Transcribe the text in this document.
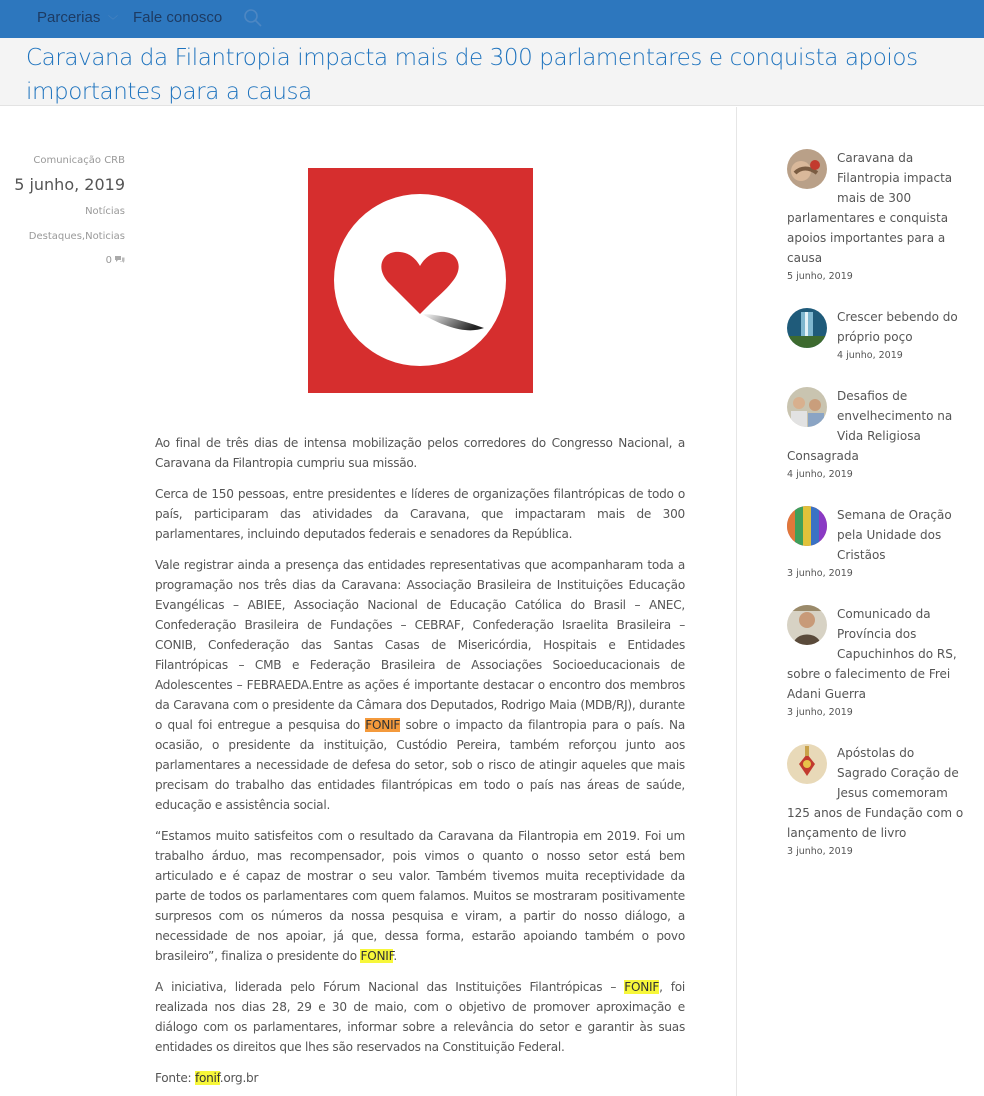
Parcerias ﹀ Fale conosco
Caravana da Filantropia impacta mais de 300 parlamentares e conquista apoios importantes para a causa
Comunicação CRB
5 junho, 2019
Notícias
Destaques,Noticias
0

Ao final de três dias de intensa mobilização pelos corredores do Congresso Nacional, a Caravana da Filantropia cumpriu sua missão.

Cerca de 150 pessoas, entre presidentes e líderes de organizações filantrópicas de todo o país, participaram das atividades da Caravana, que impactaram mais de 300 parlamentares, incluindo deputados federais e senadores da República.

Vale registrar ainda a presença das entidades representativas que acompanharam toda a programação nos três dias da Caravana: Associação Brasileira de Instituições Educação Evangélicas – ABIEE, Associação Nacional de Educação Católica do Brasil – ANEC, Confederação Brasileira de Fundações – CEBRAF, Confederação Israelita Brasileira – CONIB, Confederação das Santas Casas de Misericórdia, Hospitais e Entidades Filantrópicas – CMB e Federação Brasileira de Associações Socioeducacionais de Adolescentes – FEBRAEDA.Entre as ações é importante destacar o encontro dos membros da Caravana com o presidente da Câmara dos Deputados, Rodrigo Maia (MDB/RJ), durante o qual foi entregue a pesquisa do FONIF sobre o impacto da filantropia para o país. Na ocasião, o presidente da instituição, Custódio Pereira, também reforçou junto aos parlamentares a necessidade de defesa do setor, sob o risco de atingir aqueles que mais precisam do trabalho das entidades filantrópicas em todo o país nas áreas de saúde, educação e assistência social.

“Estamos muito satisfeitos com o resultado da Caravana da Filantropia em 2019. Foi um trabalho árduo, mas recompensador, pois vimos o quanto o nosso setor está bem articulado e é capaz de mostrar o seu valor. Também tivemos muita receptividade da parte de todos os parlamentares com quem falamos. Muitos se mostraram positivamente surpresos com os números da nossa pesquisa e viram, a partir do nosso diálogo, a necessidade de nos apoiar, já que, dessa forma, estarão apoiando também o povo brasileiro”, finaliza o presidente do FONIF.

A iniciativa, liderada pelo Fórum Nacional das Instituições Filantrópicas – FONIF, foi realizada nos dias 28, 29 e 30 de maio, com o objetivo de promover aproximação e diálogo com os parlamentares, informar sobre a relevância do setor e garantir às suas entidades os direitos que lhes são reservados na Constituição Federal.

Fonte: fonif.org.br

Caravana da Filantropia impacta mais de 300 parlamentares e conquista apoios importantes para a causa
5 junho, 2019
Crescer bebendo do próprio poço
4 junho, 2019
Desafios de envelhecimento na Vida Religiosa Consagrada
4 junho, 2019
Semana de Oração pela Unidade dos Cristãos
3 junho, 2019
Comunicado da Província dos Capuchinhos do RS, sobre o falecimento de Frei Adani Guerra
3 junho, 2019
Apóstolas do Sagrado Coração de Jesus comemoram 125 anos de Fundação com o lançamento de livro
3 junho, 2019
